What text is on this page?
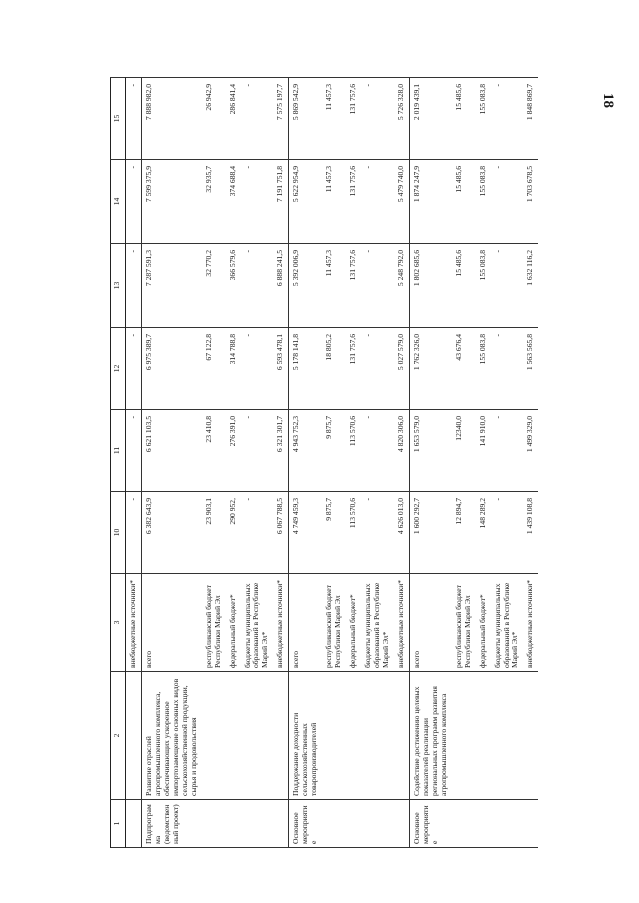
18
1	2	3	10	11	12	13	14	15
		внебюджетные источники*	-	-	-	-	-	-
Подпрограмма (ведомственный проект)	Развитие отраслей агропромышленного комплекса, обеспечивающих ускоренное импортозамещение основных видов сельскохозяйственной продукции, сырья и продовольствия	всего	6 382 643,9	6 621 103,5	6 975 389,7	7 287 591,3	7 599 375,9	7 888 982,0
		республиканский бюджет Республики Марий Эл	23 903,1	23 410,8	67 122,8	32 770,2	32 935,7	26 942,9
		федеральный бюджет*	290 952,	276 391,0	314 788,8	366 579,6	374 688,4	286 841,4
		бюджеты муниципальных образований в Республике Марий Эл*	-	-	-	-	-	-
		внебюджетные источники*	6 067 788,5	6 321 301,7	6 593 478,1	6 888 241,5	7 191 751,8	7 575 197,7
Основное мероприятие	Поддержание доходности сельскохозяйственных товаропроизводителей	всего	4 749 459,3	4 943 752,3	5 178 141,8	5 392 006,9	5 622 954,9	5 869 542,9
		республиканский бюджет Республики Марий Эл	9 875,7	9 875,7	18 805,2	11 457,3	11 457,3	11 457,3
		федеральный бюджет*	113 570,6	113 570,6	131 757,6	131 757,6	131 757,6	131 757,6
		бюджеты муниципальных образований в Республике Марий Эл*	-	-	-	-	-	-
		внебюджетные источники*	4 626 013,0	4 820 306,0	5 027 579,0	5 248 792,0	5 479 740,0	5 726 328,0
Основное мероприятие	Содействие достижению целевых показателей реализации региональных программ развития агропромышленного комплекса	всего	1 600 292,7	1 653 579,0	1 762 326,0	1 802 685,6	1 874 247,9	2 019 439,1
		республиканский бюджет Республики Марий Эл	12 894,7	12340,0	43 676,4	15 485,6	15 485,6	15 485,6
		федеральный бюджет*	148 289,2	141 910,0	155 083,8	155 083,8	155 083,8	155 083,8
		бюджеты муниципальных образований в Республике Марий Эл*	-	-	-	-	-	-
		внебюджетные источники*	1 439 108,8	1 499 329,0	1 563 565,8	1 632 116,2	1 703 678,5	1 848 869,7
